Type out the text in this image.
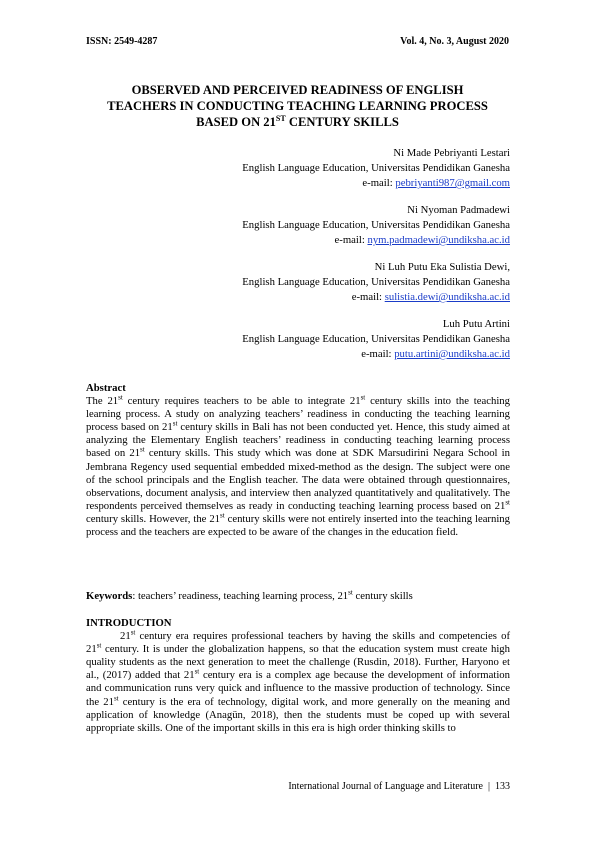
ISSN: 2549-4287	Vol. 4, No. 3, August 2020
OBSERVED AND PERCEIVED READINESS OF ENGLISH
TEACHERS IN CONDUCTING TEACHING LEARNING PROCESS
BASED ON 21ST CENTURY SKILLS
Ni Made Pebriyanti Lestari
English Language Education, Universitas Pendidikan Ganesha
e-mail: pebriyanti987@gmail.com
Ni Nyoman Padmadewi
English Language Education, Universitas Pendidikan Ganesha
e-mail: nym.padmadewi@undiksha.ac.id
Ni Luh Putu Eka Sulistia Dewi,
English Language Education, Universitas Pendidikan Ganesha
e-mail: sulistia.dewi@undiksha.ac.id
Luh Putu Artini
English Language Education, Universitas Pendidikan Ganesha
e-mail: putu.artini@undiksha.ac.id
Abstract

The 21st century requires teachers to be able to integrate 21st century skills into the teaching learning process. A study on analyzing teachers’ readiness in conducting the teaching learning process based on 21st century skills in Bali has not been conducted yet. Hence, this study aimed at analyzing the Elementary English teachers’ readiness in conducting teaching learning process based on 21st century skills. This study which was done at SDK Marsudirini Negara School in Jembrana Regency used sequential embedded mixed-method as the design. The subject were one of the school principals and the English teacher. The data were obtained through questionnaires, observations, document analysis, and interview then analyzed quantitatively and qualitatively. The respondents perceived themselves as ready in conducting teaching learning process based on 21st century skills. However, the 21st century skills were not entirely inserted into the teaching learning process and the teachers are expected to be aware of the changes in the education field.

Keywords: teachers’ readiness, teaching learning process, 21st century skills
INTRODUCTION

21st century era requires professional teachers by having the skills and competencies of 21st century. It is under the globalization happens, so that the education system must create high quality students as the next generation to meet the challenge (Rusdin, 2018). Further, Haryono et al., (2017) added that 21st century era is a complex age because the development of information and communication runs very quick and influence to the massive production of technology. Since the 21st century is the era of technology, digital work, and more generally on the meaning and application of knowledge (Anagün, 2018), then the students must be coped up with several appropriate skills. One of the important skills in this era is high order thinking skills to

International Journal of Language and Literature  |  133
